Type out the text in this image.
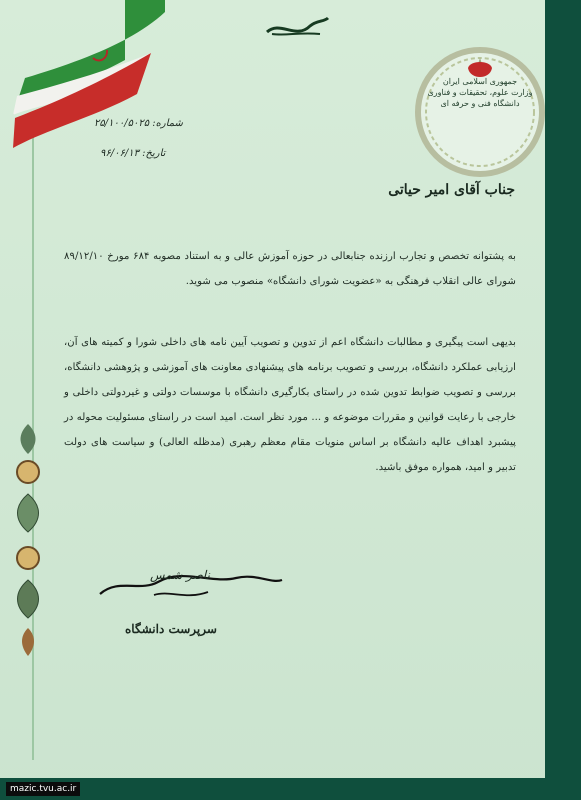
جمهوری اسلامی ایران
وزارت علوم، تحقیقات و فناوری
دانشگاه فنی و حرفه ای
شماره: ۲۵/۱۰۰/۵۰۲۵
تاریخ: ۹۶/۰۶/۱۳
جناب آقای امیر حیاتی
به پشتوانه تخصص و تجارب ارزنده جنابعالی در حوزه آموزش عالی و به استناد مصوبه ۶۸۴ مورخ ۸۹/۱۲/۱۰ شورای عالی انقلاب فرهنگی به «عضویت شورای دانشگاه» منصوب می شوید.
بدیهی است پیگیری و مطالبات دانشگاه اعم از تدوین و تصویب آیین نامه های داخلی شورا و کمیته های آن، ارزیابی عملکرد دانشگاه، بررسی و تصویب برنامه های پیشنهادی معاونت های آموزشی و پژوهشی دانشگاه، بررسی و تصویب ضوابط تدوین شده در راستای بکارگیری دانشگاه با موسسات دولتی و غیردولتی داخلی و خارجی با رعایت قوانین و مقررات موضوعه و ... مورد نظر است. امید است در راستای مسئولیت محوله در پیشبرد اهداف عالیه دانشگاه بر اساس منویات مقام معظم رهبری (مدظله العالی) و سیاست های دولت تدبیر و امید، همواره موفق باشید.
ناصر شمس
سرپرست دانشگاه
mazic.tvu.ac.ir
